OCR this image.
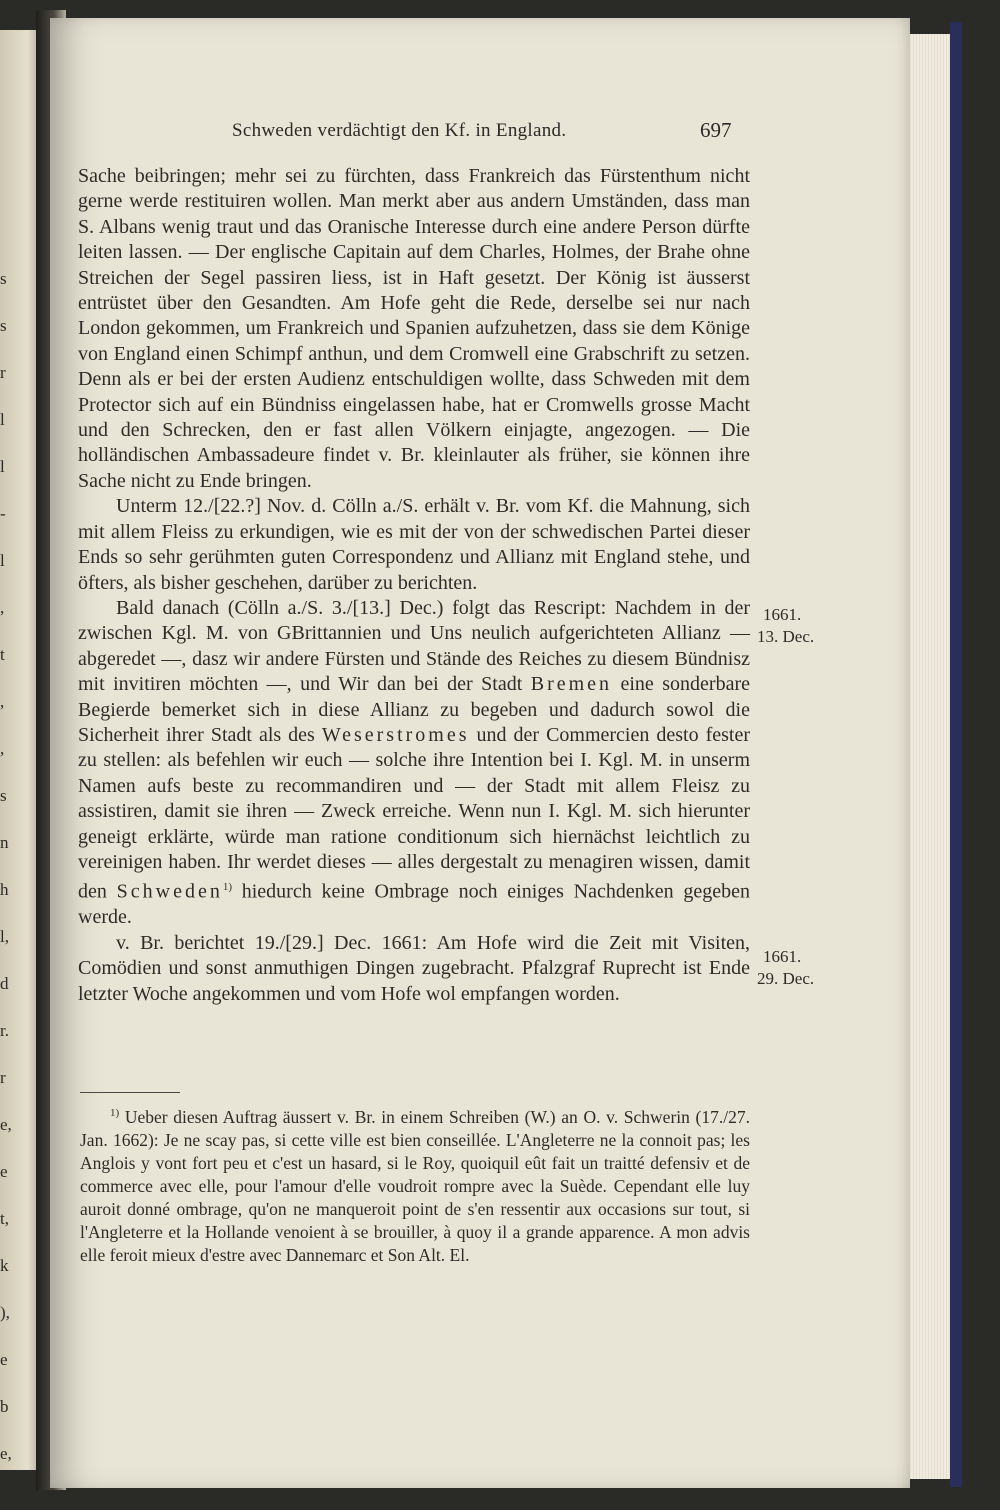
s
s
r
l
l
-
l
,
t
,
,
s
n
h
l,
d
r.
r
e,
e
t,
k
),
e
b
e,
ir
Schweden verdächtigt den Kf. in England.	697

Sache beibringen; mehr sei zu fürchten, dass Frankreich das Fürstenthum nicht gerne werde restituiren wollen. Man merkt aber aus andern Umständen, dass man S. Albans wenig traut und das Oranische Interesse durch eine andere Person dürfte leiten lassen. — Der englische Capitain auf dem Charles, Holmes, der Brahe ohne Streichen der Segel passiren liess, ist in Haft gesetzt. Der König ist äusserst entrüstet über den Gesandten. Am Hofe geht die Rede, derselbe sei nur nach London gekommen, um Frankreich und Spanien aufzuhetzen, dass sie dem Könige von England einen Schimpf anthun, und dem Cromwell eine Grabschrift zu setzen. Denn als er bei der ersten Audienz entschuldigen wollte, dass Schweden mit dem Protector sich auf ein Bündniss eingelassen habe, hat er Cromwells grosse Macht und den Schrecken, den er fast allen Völkern einjagte, angezogen. — Die holländischen Ambassadeure findet v. Br. kleinlauter als früher, sie können ihre Sache nicht zu Ende bringen.

Unterm 12./[22.?] Nov. d. Cölln a./S. erhält v. Br. vom Kf. die Mahnung, sich mit allem Fleiss zu erkundigen, wie es mit der von der schwedischen Partei dieser Ends so sehr gerühmten guten Correspondenz und Allianz mit England stehe, und öfters, als bisher geschehen, darüber zu berichten.

Bald danach (Cölln a./S. 3./[13.] Dec.) folgt das Rescript: Nachdem in der zwischen Kgl. M. von GBrittannien und Uns neulich aufgerichteten Allianz — abgeredet —, dasz wir andere Fürsten und Stände des Reiches zu diesem Bündnisz mit invitiren möchten —, und Wir dan bei der Stadt Bremen eine sonderbare Begierde bemerket sich in diese Allianz zu begeben und dadurch sowol die Sicherheit ihrer Stadt als des Weserstromes und der Commercien desto fester zu stellen: als befehlen wir euch — solche ihre Intention bei I. Kgl. M. in unserm Namen aufs beste zu recommandiren und — der Stadt mit allem Fleisz zu assistiren, damit sie ihren — Zweck erreiche. Wenn nun I. Kgl. M. sich hierunter geneigt erklärte, würde man ratione conditionum sich hiernächst leichtlich zu vereinigen haben. Ihr werdet dieses — alles dergestalt zu menagiren wissen, damit den Schweden$^{1)}$ hiedurch keine Ombrage noch einiges Nachdenken gegeben werde.

v. Br. berichtet 19./[29.] Dec. 1661: Am Hofe wird die Zeit mit Visiten, Comödien und sonst anmuthigen Dingen zugebracht. Pfalzgraf Ruprecht ist Ende letzter Woche angekommen und vom Hofe wol empfangen worden.

1661.
13. Dec.
1661.
29. Dec.

$^{1)}$ Ueber diesen Auftrag äussert v. Br. in einem Schreiben (W.) an O. v. Schwerin (17./27. Jan. 1662): Je ne scay pas, si cette ville est bien conseillée. L'Angleterre ne la connoit pas; les Anglois y vont fort peu et c'est un hasard, si le Roy, quoiquil eût fait un traitté defensiv et de commerce avec elle, pour l'amour d'elle voudroit rompre avec la Suède. Cependant elle luy auroit donné ombrage, qu'on ne manqueroit point de s'en ressentir aux occasions sur tout, si l'Angleterre et la Hollande venoient à se brouiller, à quoy il a grande apparence. A mon advis elle feroit mieux d'estre avec Dannemarc et Son Alt. El.
